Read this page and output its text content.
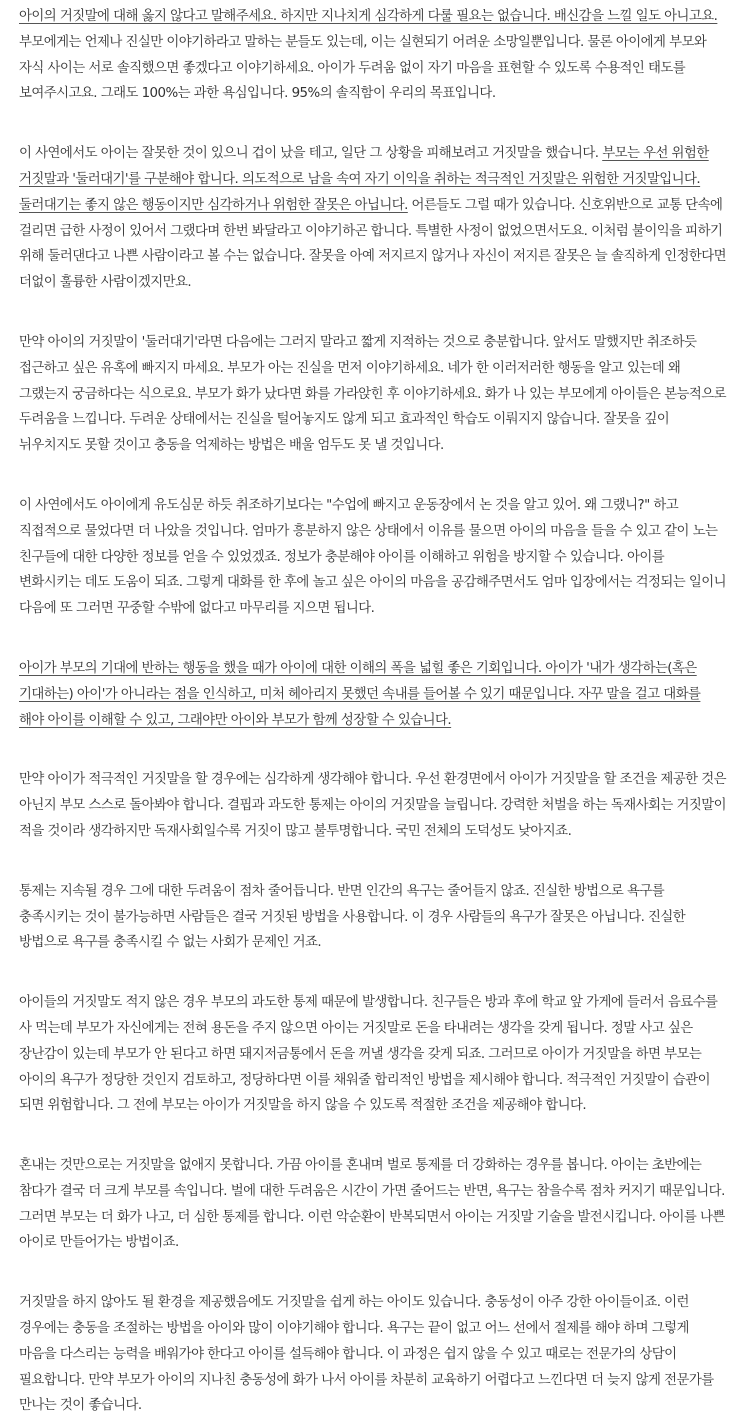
아이의 거짓말에 대해 옳지 않다고 말해주세요. 하지만 지나치게 심각하게 다룰 필요는 없습니다. 배신감을 느낄 일도 아니고요. 부모에게는 언제나 진실만 이야기하라고 말하는 분들도 있는데, 이는 실현되기 어려운 소망일뿐입니다. 물론 아이에게 부모와 자식 사이는 서로 솔직했으면 좋겠다고 이야기하세요. 아이가 두려움 없이 자기 마음을 표현할 수 있도록 수용적인 태도를 보여주시고요. 그래도 100%는 과한 욕심입니다. 95%의 솔직함이 우리의 목표입니다.

이 사연에서도 아이는 잘못한 것이 있으니 겁이 났을 테고, 일단 그 상황을 피해보려고 거짓말을 했습니다. 부모는 우선 위험한 거짓말과 '둘러대기'를 구분해야 합니다. 의도적으로 남을 속여 자기 이익을 취하는 적극적인 거짓말은 위험한 거짓말입니다. 둘러대기는 좋지 않은 행동이지만 심각하거나 위험한 잘못은 아닙니다. 어른들도 그럴 때가 있습니다. 신호위반으로 교통 단속에 걸리면 급한 사정이 있어서 그랬다며 한번 봐달라고 이야기하곤 합니다. 특별한 사정이 없었으면서도요. 이처럼 불이익을 피하기 위해 둘러댄다고 나쁜 사람이라고 볼 수는 없습니다. 잘못을 아예 저지르지 않거나 자신이 저지른 잘못은 늘 솔직하게 인정한다면 더없이 훌륭한 사람이겠지만요.

만약 아이의 거짓말이 '둘러대기'라면 다음에는 그러지 말라고 짧게 지적하는 것으로 충분합니다. 앞서도 말했지만 취조하듯 접근하고 싶은 유혹에 빠지지 마세요. 부모가 아는 진실을 먼저 이야기하세요. 네가 한 이러저러한 행동을 알고 있는데 왜 그랬는지 궁금하다는 식으로요. 부모가 화가 났다면 화를 가라앉힌 후 이야기하세요. 화가 나 있는 부모에게 아이들은 본능적으로 두려움을 느낍니다. 두려운 상태에서는 진실을 털어놓지도 않게 되고 효과적인 학습도 이뤄지지 않습니다. 잘못을 깊이 뉘우치지도 못할 것이고 충동을 억제하는 방법은 배울 엄두도 못 낼 것입니다.

이 사연에서도 아이에게 유도심문 하듯 취조하기보다는 "수업에 빠지고 운동장에서 논 것을 알고 있어. 왜 그랬니?" 하고 직접적으로 물었다면 더 나았을 것입니다. 엄마가 흥분하지 않은 상태에서 이유를 물으면 아이의 마음을 들을 수 있고 같이 노는 친구들에 대한 다양한 정보를 얻을 수 있었겠죠. 정보가 충분해야 아이를 이해하고 위험을 방지할 수 있습니다. 아이를 변화시키는 데도 도움이 되죠. 그렇게 대화를 한 후에 놀고 싶은 아이의 마음을 공감해주면서도 엄마 입장에서는 걱정되는 일이니 다음에 또 그러면 꾸중할 수밖에 없다고 마무리를 지으면 됩니다.

아이가 부모의 기대에 반하는 행동을 했을 때가 아이에 대한 이해의 폭을 넓힐 좋은 기회입니다. 아이가 '내가 생각하는(혹은 기대하는) 아이'가 아니라는 점을 인식하고, 미처 헤아리지 못했던 속내를 들어볼 수 있기 때문입니다. 자꾸 말을 걸고 대화를 해야 아이를 이해할 수 있고, 그래야만 아이와 부모가 함께 성장할 수 있습니다.

만약 아이가 적극적인 거짓말을 할 경우에는 심각하게 생각해야 합니다. 우선 환경면에서 아이가 거짓말을 할 조건을 제공한 것은 아닌지 부모 스스로 돌아봐야 합니다. 결핍과 과도한 통제는 아이의 거짓말을 늘립니다. 강력한 처벌을 하는 독재사회는 거짓말이 적을 것이라 생각하지만 독재사회일수록 거짓이 많고 불투명합니다. 국민 전체의 도덕성도 낮아지죠.

통제는 지속될 경우 그에 대한 두려움이 점차 줄어듭니다. 반면 인간의 욕구는 줄어들지 않죠. 진실한 방법으로 욕구를 충족시키는 것이 불가능하면 사람들은 결국 거짓된 방법을 사용합니다. 이 경우 사람들의 욕구가 잘못은 아닙니다. 진실한 방법으로 욕구를 충족시킬 수 없는 사회가 문제인 거죠.

아이들의 거짓말도 적지 않은 경우 부모의 과도한 통제 때문에 발생합니다. 친구들은 방과 후에 학교 앞 가게에 들러서 음료수를 사 먹는데 부모가 자신에게는 전혀 용돈을 주지 않으면 아이는 거짓말로 돈을 타내려는 생각을 갖게 됩니다. 정말 사고 싶은 장난감이 있는데 부모가 안 된다고 하면 돼지저금통에서 돈을 꺼낼 생각을 갖게 되죠. 그러므로 아이가 거짓말을 하면 부모는 아이의 욕구가 정당한 것인지 검토하고, 정당하다면 이를 채워줄 합리적인 방법을 제시해야 합니다. 적극적인 거짓말이 습관이 되면 위험합니다. 그 전에 부모는 아이가 거짓말을 하지 않을 수 있도록 적절한 조건을 제공해야 합니다.

혼내는 것만으로는 거짓말을 없애지 못합니다. 가끔 아이를 혼내며 벌로 통제를 더 강화하는 경우를 봅니다. 아이는 초반에는 참다가 결국 더 크게 부모를 속입니다. 벌에 대한 두려움은 시간이 가면 줄어드는 반면, 욕구는 참을수록 점차 커지기 때문입니다. 그러면 부모는 더 화가 나고, 더 심한 통제를 합니다. 이런 악순환이 반복되면서 아이는 거짓말 기술을 발전시킵니다. 아이를 나쁜 아이로 만들어가는 방법이죠.

거짓말을 하지 않아도 될 환경을 제공했음에도 거짓말을 쉽게 하는 아이도 있습니다. 충동성이 아주 강한 아이들이죠. 이런 경우에는 충동을 조절하는 방법을 아이와 많이 이야기해야 합니다. 욕구는 끝이 없고 어느 선에서 절제를 해야 하며 그렇게 마음을 다스리는 능력을 배워가야 한다고 아이를 설득해야 합니다. 이 과정은 쉽지 않을 수 있고 때로는 전문가의 상담이 필요합니다. 만약 부모가 아이의 지나친 충동성에 화가 나서 아이를 차분히 교육하기 어렵다고 느낀다면 더 늦지 않게 전문가를 만나는 것이 좋습니다.
